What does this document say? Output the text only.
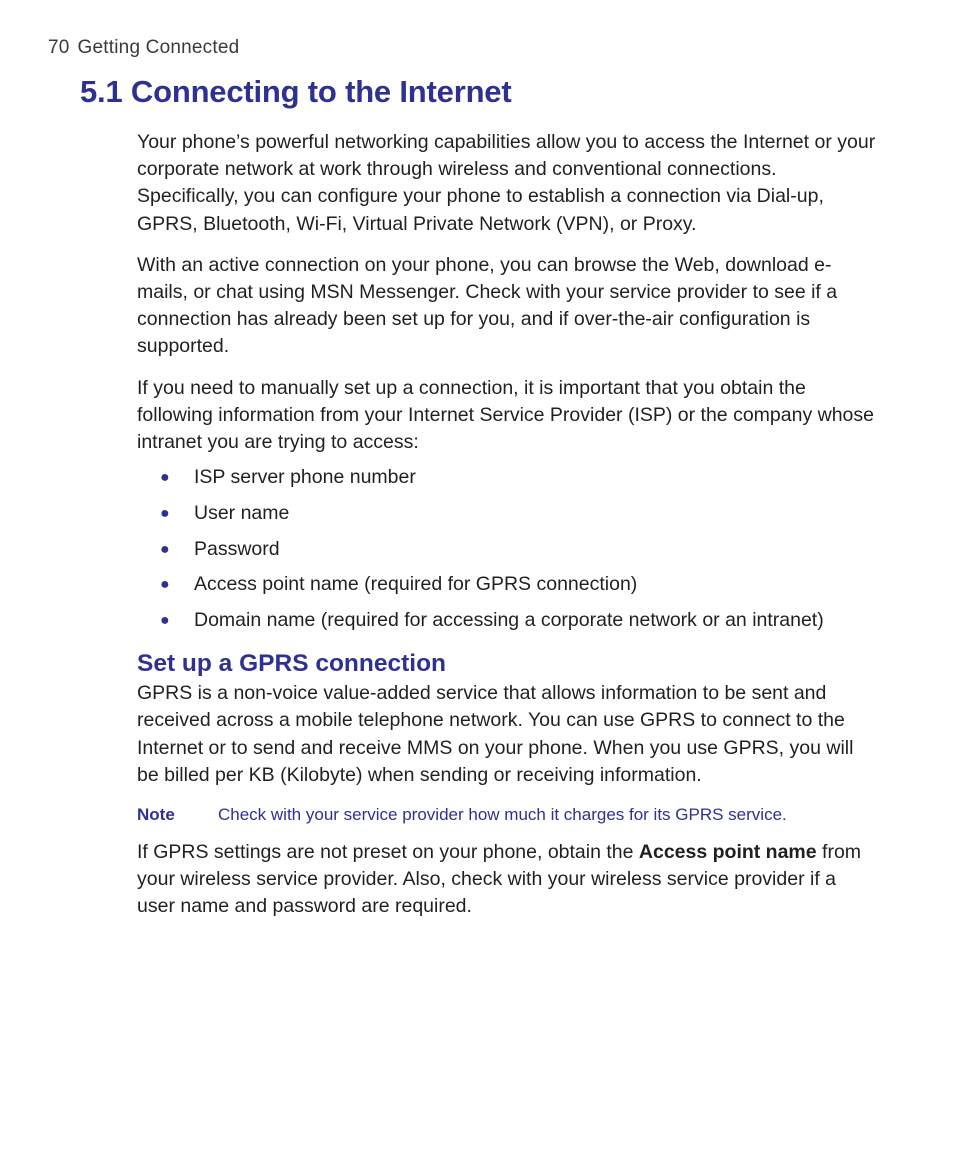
70 Getting Connected
5.1 Connecting to the Internet

Your phone’s powerful networking capabilities allow you to access the Internet or your corporate network at work through wireless and conventional connections. Specifically, you can configure your phone to establish a connection via Dial-up, GPRS, Bluetooth, Wi-Fi, Virtual Private Network (VPN), or Proxy.

With an active connection on your phone, you can browse the Web, download e-mails, or chat using MSN Messenger. Check with your service provider to see if a connection has already been set up for you, and if over-the-air configuration is supported.

If you need to manually set up a connection, it is important that you obtain the following information from your Internet Service Provider (ISP) or the company whose intranet you are trying to access:

● ISP server phone number
● User name
● Password
● Access point name (required for GPRS connection)
● Domain name (required for accessing a corporate network or an intranet)
Set up a GPRS connection

GPRS is a non-voice value-added service that allows information to be sent and received across a mobile telephone network. You can use GPRS to connect to the Internet or to send and receive MMS on your phone. When you use GPRS, you will be billed per KB (Kilobyte) when sending or receiving information.

Note	Check with your service provider how much it charges for its GPRS service.

If GPRS settings are not preset on your phone, obtain the Access point name from your wireless service provider. Also, check with your wireless service provider if a user name and password are required.
